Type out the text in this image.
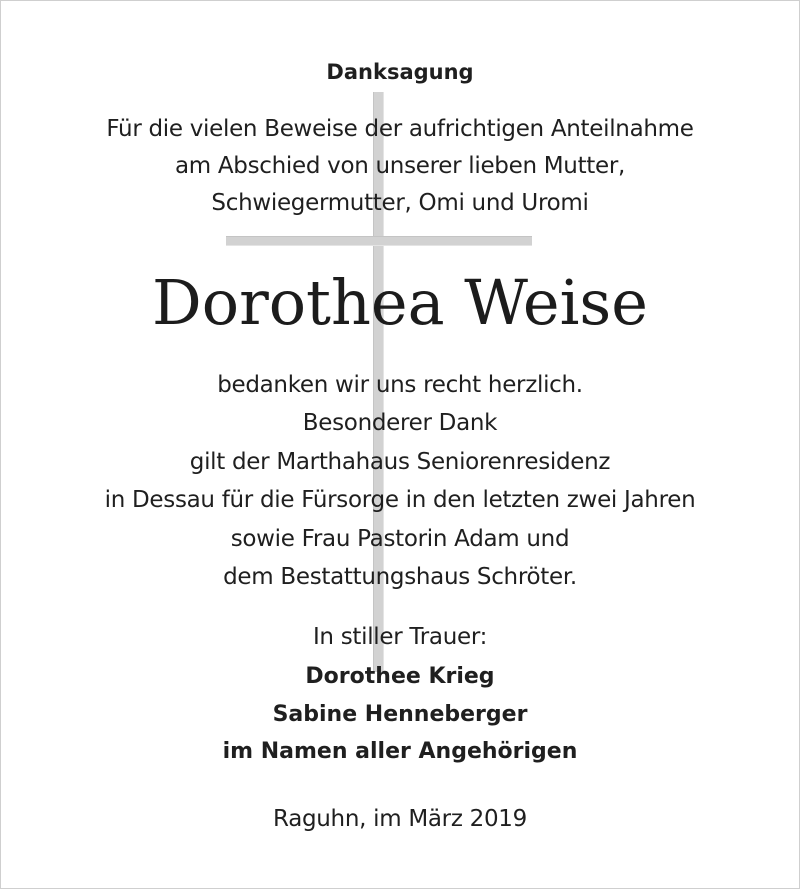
Danksagung
Für die vielen Beweise der aufrichtigen Anteilnahme
am Abschied von unserer lieben Mutter,
Schwiegermutter, Omi und Uromi
Dorothea Weise
bedanken wir uns recht herzlich.
Besonderer Dank
gilt der Marthahaus Seniorenresidenz
in Dessau für die Fürsorge in den letzten zwei Jahren
sowie Frau Pastorin Adam und
dem Bestattungshaus Schröter.
In stiller Trauer:
Dorothee Krieg
Sabine Henneberger
im Namen aller Angehörigen
Raguhn, im März 2019
